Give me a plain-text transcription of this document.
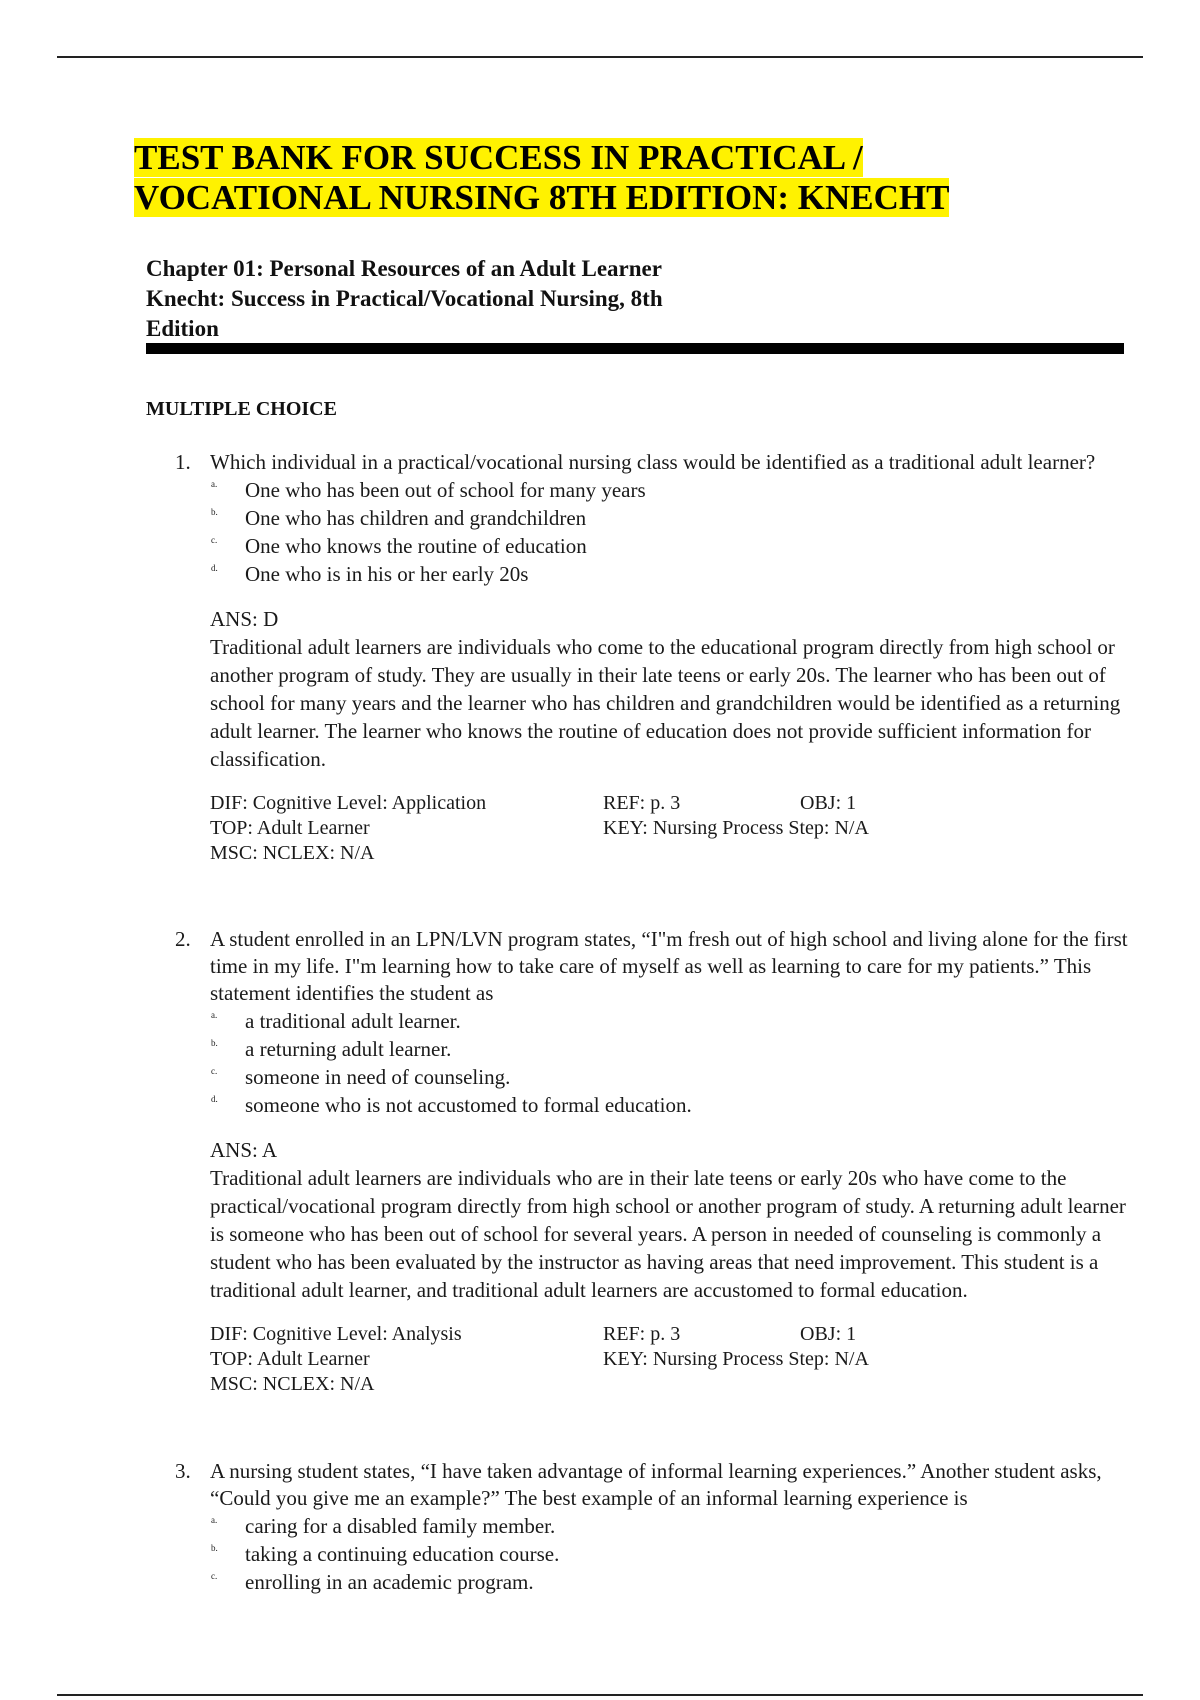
TEST BANK FOR SUCCESS IN PRACTICAL /
VOCATIONAL NURSING 8TH EDITION: KNECHT
Chapter 01: Personal Resources of an Adult Learner
Knecht: Success in Practical/Vocational Nursing, 8th
Edition
MULTIPLE CHOICE
1. Which individual in a practical/vocational nursing class would be identified as a traditional adult learner?
a. One who has been out of school for many years
b. One who has children and grandchildren
c. One who knows the routine of education
d. One who is in his or her early 20s
ANS: D
Traditional adult learners are individuals who come to the educational program directly from high school or another program of study. They are usually in their late teens or early 20s. The learner who has been out of school for many years and the learner who has children and grandchildren would be identified as a returning adult learner. The learner who knows the routine of education does not provide sufficient information for classification.
DIF: Cognitive Level: Application	REF: p. 3	OBJ: 1
TOP: Adult Learner	KEY: Nursing Process Step: N/A
MSC: NCLEX: N/A
2. A student enrolled in an LPN/LVN program states, “I"m fresh out of high school and living alone for the first time in my life. I"m learning how to take care of myself as well as learning to care for my patients.” This statement identifies the student as
a. a traditional adult learner.
b. a returning adult learner.
c. someone in need of counseling.
d. someone who is not accustomed to formal education.
ANS: A
Traditional adult learners are individuals who are in their late teens or early 20s who have come to the practical/vocational program directly from high school or another program of study. A returning adult learner is someone who has been out of school for several years. A person in needed of counseling is commonly a student who has been evaluated by the instructor as having areas that need improvement. This student is a traditional adult learner, and traditional adult learners are accustomed to formal education.
DIF: Cognitive Level: Analysis	REF: p. 3	OBJ: 1
TOP: Adult Learner	KEY: Nursing Process Step: N/A
MSC: NCLEX: N/A
3. A nursing student states, “I have taken advantage of informal learning experiences.” Another student asks, “Could you give me an example?” The best example of an informal learning experience is
a. caring for a disabled family member.
b. taking a continuing education course.
c. enrolling in an academic program.
